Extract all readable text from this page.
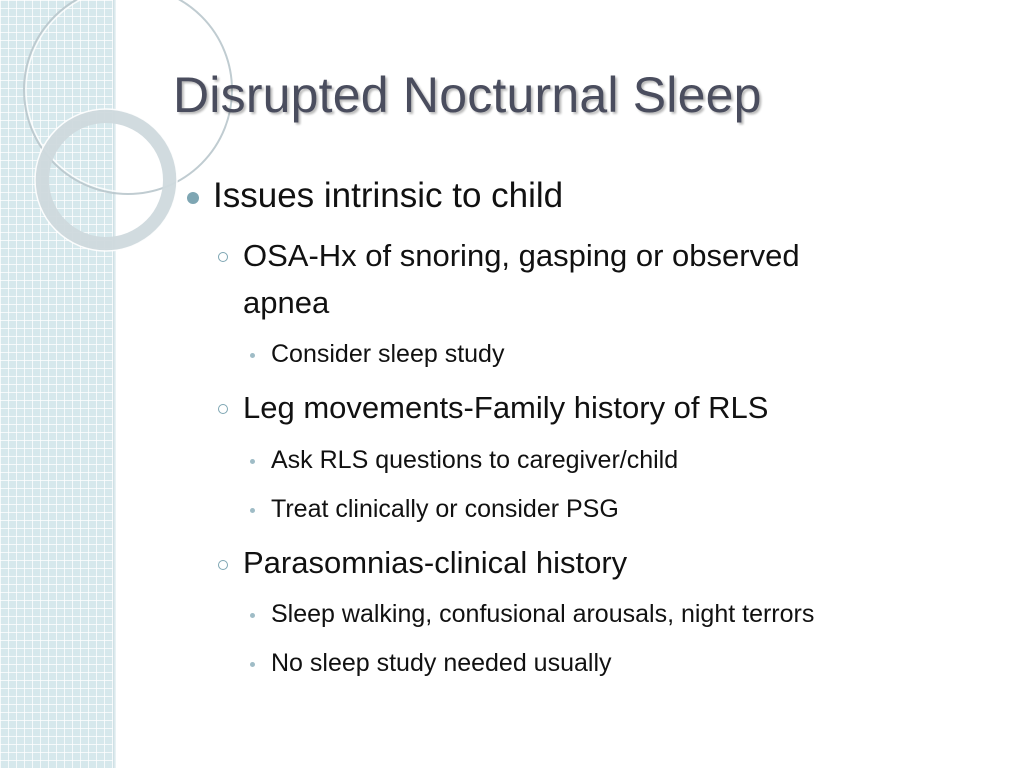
Disrupted Nocturnal Sleep
Issues intrinsic to child
OSA-Hx of snoring, gasping or observed
apnea
Consider sleep study
Leg movements-Family history of RLS
Ask RLS questions to caregiver/child
Treat clinically or consider PSG
Parasomnias-clinical history
Sleep walking, confusional arousals, night terrors
No sleep study needed usually
